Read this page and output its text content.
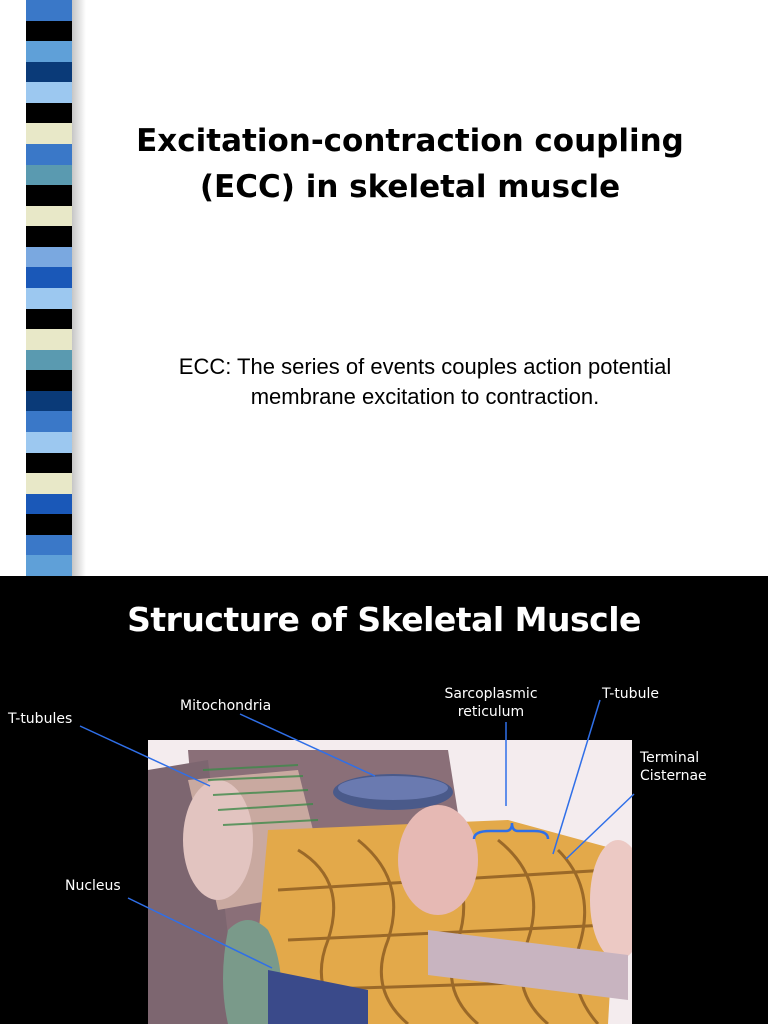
Excitation-contraction coupling
(ECC) in skeletal muscle
ECC: The series of events couples action potential
membrane excitation to contraction.
Structure of Skeletal Muscle
T-tubules
Mitochondria
Sarcoplasmic
reticulum
T-tubule
Terminal
Cisternae
Nucleus
